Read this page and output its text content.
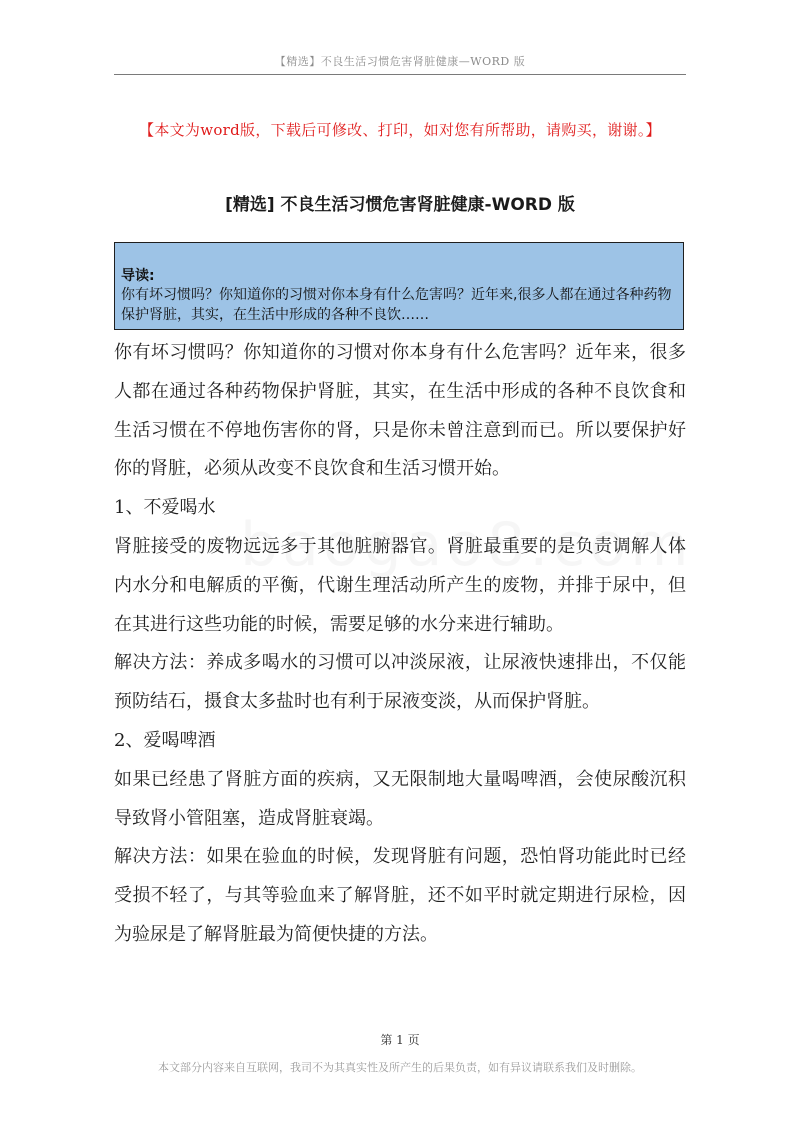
【精选】不良生活习惯危害肾脏健康—WORD 版
【本文为word版，下载后可修改、打印，如对您有所帮助，请购买，谢谢。】
[精选] 不良生活习惯危害肾脏健康-WORD 版
导读:
你有坏习惯吗？你知道你的习惯对你本身有什么危害吗？近年来,很多人都在通过各种药物保护肾脏，其实，在生活中形成的各种不良饮……

你有坏习惯吗？你知道你的习惯对你本身有什么危害吗？近年来，很多人都在通过各种药物保护肾脏，其实，在生活中形成的各种不良饮食和生活习惯在不停地伤害你的肾，只是你未曾注意到而已。所以要保护好你的肾脏，必须从改变不良饮食和生活习惯开始。

1、不爱喝水

肾脏接受的废物远远多于其他脏腑器官。肾脏最重要的是负责调解人体内水分和电解质的平衡，代谢生理活动所产生的废物，并排于尿中，但在其进行这些功能的时候，需要足够的水分来进行辅助。

解决方法：养成多喝水的习惯可以冲淡尿液，让尿液快速排出，不仅能预防结石，摄食太多盐时也有利于尿液变淡，从而保护肾脏。

2、爱喝啤酒

如果已经患了肾脏方面的疾病，又无限制地大量喝啤酒，会使尿酸沉积导致肾小管阻塞，造成肾脏衰竭。

解决方法：如果在验血的时候，发现肾脏有问题，恐怕肾功能此时已经受损不轻了，与其等验血来了解肾脏，还不如平时就定期进行尿检，因为验尿是了解肾脏最为简便快捷的方法。

第 1 页
本文部分内容来自互联网，我司不为其真实性及所产生的后果负责，如有异议请联系我们及时删除。
